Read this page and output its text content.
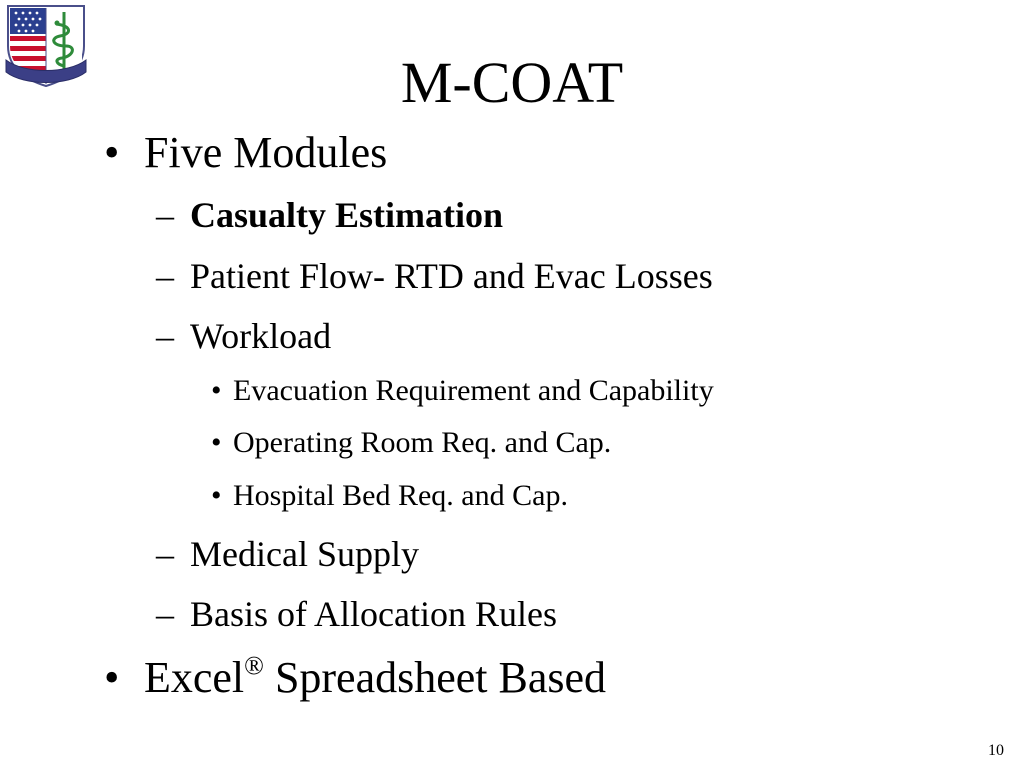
M-COAT
• Five Modules
– Casualty Estimation
– Patient Flow- RTD and Evac Losses
– Workload
• Evacuation Requirement and Capability
• Operating Room Req. and Cap.
• Hospital Bed Req. and Cap.
– Medical Supply
– Basis of Allocation Rules
• Excel® Spreadsheet Based
10
